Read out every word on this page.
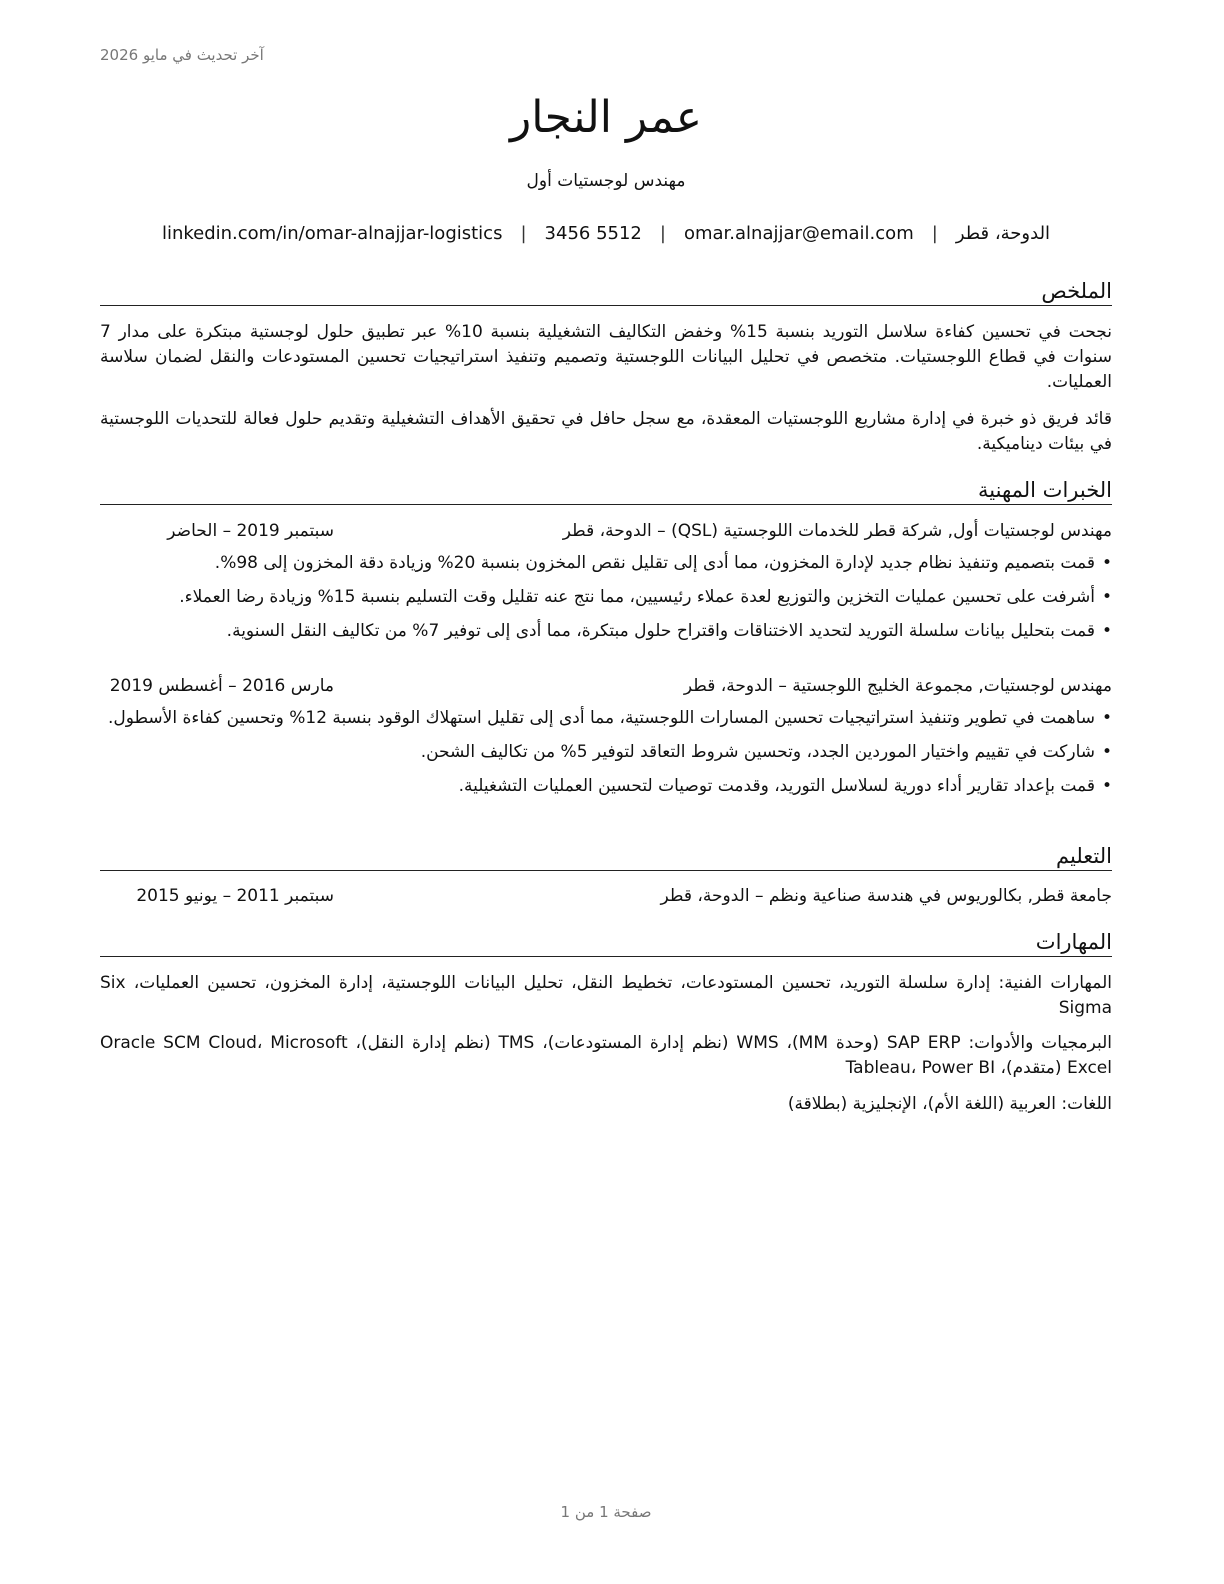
آخر تحديث في مايو 2026
عمر النجار
مهندس لوجستيات أول
الدوحة، قطر
|
omar.alnajjar@email.com
|
3456 5512
|
linkedin.com/in/omar-alnajjar-logistics
الملخص

نجحت في تحسين كفاءة سلاسل التوريد بنسبة 15% وخفض التكاليف التشغيلية بنسبة 10% عبر تطبيق حلول لوجستية مبتكرة على مدار 7 سنوات في قطاع اللوجستيات. متخصص في تحليل البيانات اللوجستية وتصميم وتنفيذ استراتيجيات تحسين المستودعات والنقل لضمان سلاسة العمليات.

قائد فريق ذو خبرة في إدارة مشاريع اللوجستيات المعقدة، مع سجل حافل في تحقيق الأهداف التشغيلية وتقديم حلول فعالة للتحديات اللوجستية في بيئات ديناميكية.

الخبرات المهنية
مهندس لوجستيات أول, شركة قطر للخدمات اللوجستية (QSL) – الدوحة، قطر
سبتمبر 2019 – الحاضر
•
قمت بتصميم وتنفيذ نظام جديد لإدارة المخزون، مما أدى إلى تقليل نقص المخزون بنسبة 20% وزيادة دقة المخزون إلى 98%.
•
أشرفت على تحسين عمليات التخزين والتوزيع لعدة عملاء رئيسيين، مما نتج عنه تقليل وقت التسليم بنسبة 15% وزيادة رضا العملاء.
•
قمت بتحليل بيانات سلسلة التوريد لتحديد الاختناقات واقتراح حلول مبتكرة، مما أدى إلى توفير 7% من تكاليف النقل السنوية.
مهندس لوجستيات, مجموعة الخليج اللوجستية – الدوحة، قطر
مارس 2016 – أغسطس 2019
•
ساهمت في تطوير وتنفيذ استراتيجيات تحسين المسارات اللوجستية، مما أدى إلى تقليل استهلاك الوقود بنسبة 12% وتحسين كفاءة الأسطول.
•
شاركت في تقييم واختيار الموردين الجدد، وتحسين شروط التعاقد لتوفير 5% من تكاليف الشحن.
•
قمت بإعداد تقارير أداء دورية لسلاسل التوريد، وقدمت توصيات لتحسين العمليات التشغيلية.
التعليم
جامعة قطر, بكالوريوس في هندسة صناعية ونظم – الدوحة، قطر
سبتمبر 2011 – يونيو 2015
المهارات

المهارات الفنية: إدارة سلسلة التوريد، تحسين المستودعات، تخطيط النقل، تحليل البيانات اللوجستية، إدارة المخزون، تحسين العمليات، Six Sigma

البرمجيات والأدوات: SAP ERP (وحدة MM)، WMS (نظم إدارة المستودعات)، TMS (نظم إدارة النقل)، Oracle SCM Cloud، Microsoft Excel (متقدم)، Tableau، Power BI

اللغات: العربية (اللغة الأم)، الإنجليزية (بطلاقة)

صفحة 1 من 1
